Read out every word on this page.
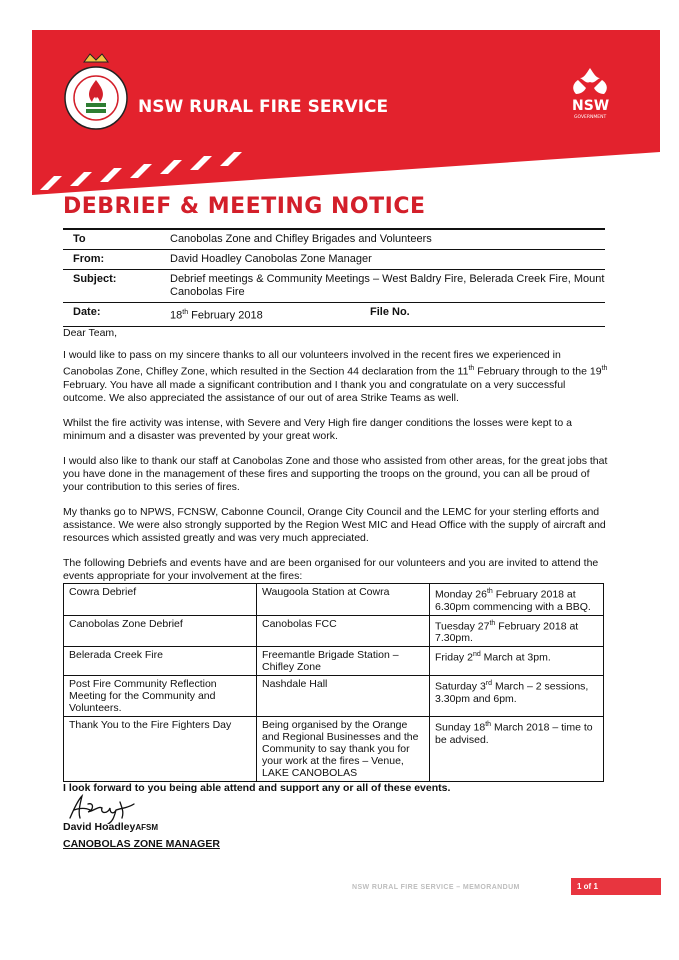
NSW RURAL FIRE SERVICE	NSW
GOVERNMENT
DEBRIEF & MEETING NOTICE
To	Canobolas Zone and Chifley Brigades and Volunteers	
From:	David Hoadley Canobolas Zone Manager	
Subject:	Debrief meetings & Community Meetings – West Baldry Fire, Belerada Creek Fire, Mount Canobolas Fire	
Date:	18th February 2018	File No.

Dear Team,

I would like to pass on my sincere thanks to all our volunteers involved in the recent fires we experienced in Canobolas Zone, Chifley Zone, which resulted in the Section 44 declaration from the 11th February through to the 19th February. You have all made a significant contribution and I thank you and congratulate on a very successful outcome. We also appreciated the assistance of our out of area Strike Teams as well.

Whilst the fire activity was intense, with Severe and Very High fire danger conditions the losses were kept to a minimum and a disaster was prevented by your great work.

I would also like to thank our staff at Canobolas Zone and those who assisted from other areas, for the great jobs that you have done in the management of these fires and supporting the troops on the ground, you can all be proud of your contribution to this series of fires.

My thanks go to NPWS, FCNSW, Cabonne Council, Orange City Council and the LEMC for your sterling efforts and assistance. We were also strongly supported by the Region West MIC and Head Office with the supply of aircraft and resources which assisted greatly and was very much appreciated.

The following Debriefs and events have and are been organised for our volunteers and you are invited to attend the events appropriate for your involvement at the fires:

Cowra Debrief	Waugoola Station at Cowra	Monday 26th February 2018 at 6.30pm commencing with a BBQ.
Canobolas Zone Debrief	Canobolas FCC	Tuesday 27th February 2018 at 7.30pm.
Belerada Creek Fire	Freemantle Brigade Station – Chifley Zone	Friday 2nd March at 3pm.
Post Fire Community Reflection Meeting for the Community and Volunteers.	Nashdale Hall	Saturday 3rd March – 2 sessions, 3.30pm and 6pm.
Thank You to the Fire Fighters Day	Being organised by the Orange and Regional Businesses and the Community to say thank you for your work at the fires – Venue, LAKE CANOBOLAS	Sunday 18th March 2018 – time to be advised.
I look forward to you being able attend and support any or all of these events.
David HoadleyAFSM
CANOBOLAS ZONE MANAGER
NSW RURAL FIRE SERVICE – MEMORANDUM	1 of 1
